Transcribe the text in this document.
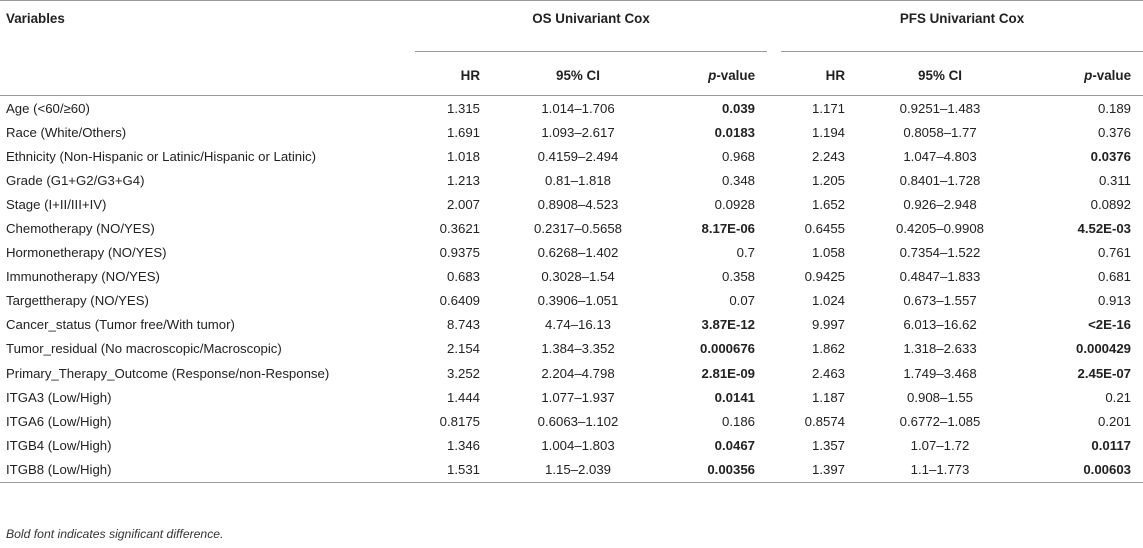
Variables	OS Univariant Cox				PFS Univariant Cox		
	HR	95% CI	p-value		HR	95% CI	p-value
Age (<60/≥60)	1.315	1.014–1.706	0.039		1.171	0.9251–1.483	0.189
Race (White/Others)	1.691	1.093–2.617	0.0183		1.194	0.8058–1.77	0.376
Ethnicity (Non-Hispanic or Latinic/Hispanic or Latinic)	1.018	0.4159–2.494	0.968		2.243	1.047–4.803	0.0376
Grade (G1+G2/G3+G4)	1.213	0.81–1.818	0.348		1.205	0.8401–1.728	0.311
Stage (I+II/III+IV)	2.007	0.8908–4.523	0.0928		1.652	0.926–2.948	0.0892
Chemotherapy (NO/YES)	0.3621	0.2317–0.5658	8.17E-06		0.6455	0.4205–0.9908	4.52E-03
Hormonetherapy (NO/YES)	0.9375	0.6268–1.402	0.7		1.058	0.7354–1.522	0.761
Immunotherapy (NO/YES)	0.683	0.3028–1.54	0.358		0.9425	0.4847–1.833	0.681
Targettherapy (NO/YES)	0.6409	0.3906–1.051	0.07		1.024	0.673–1.557	0.913
Cancer_status (Tumor free/With tumor)	8.743	4.74–16.13	3.87E-12		9.997	6.013–16.62	<2E-16
Tumor_residual (No macroscopic/Macroscopic)	2.154	1.384–3.352	0.000676		1.862	1.318–2.633	0.000429
Primary_Therapy_Outcome (Response/non-Response)	3.252	2.204–4.798	2.81E-09		2.463	1.749–3.468	2.45E-07
ITGA3 (Low/High)	1.444	1.077–1.937	0.0141		1.187	0.908–1.55	0.21
ITGA6 (Low/High)	0.8175	0.6063–1.102	0.186		0.8574	0.6772–1.085	0.201
ITGB4 (Low/High)	1.346	1.004–1.803	0.0467		1.357	1.07–1.72	0.0117
ITGB8 (Low/High)	1.531	1.15–2.039	0.00356		1.397	1.1–1.773	0.00603
Bold font indicates significant difference.
